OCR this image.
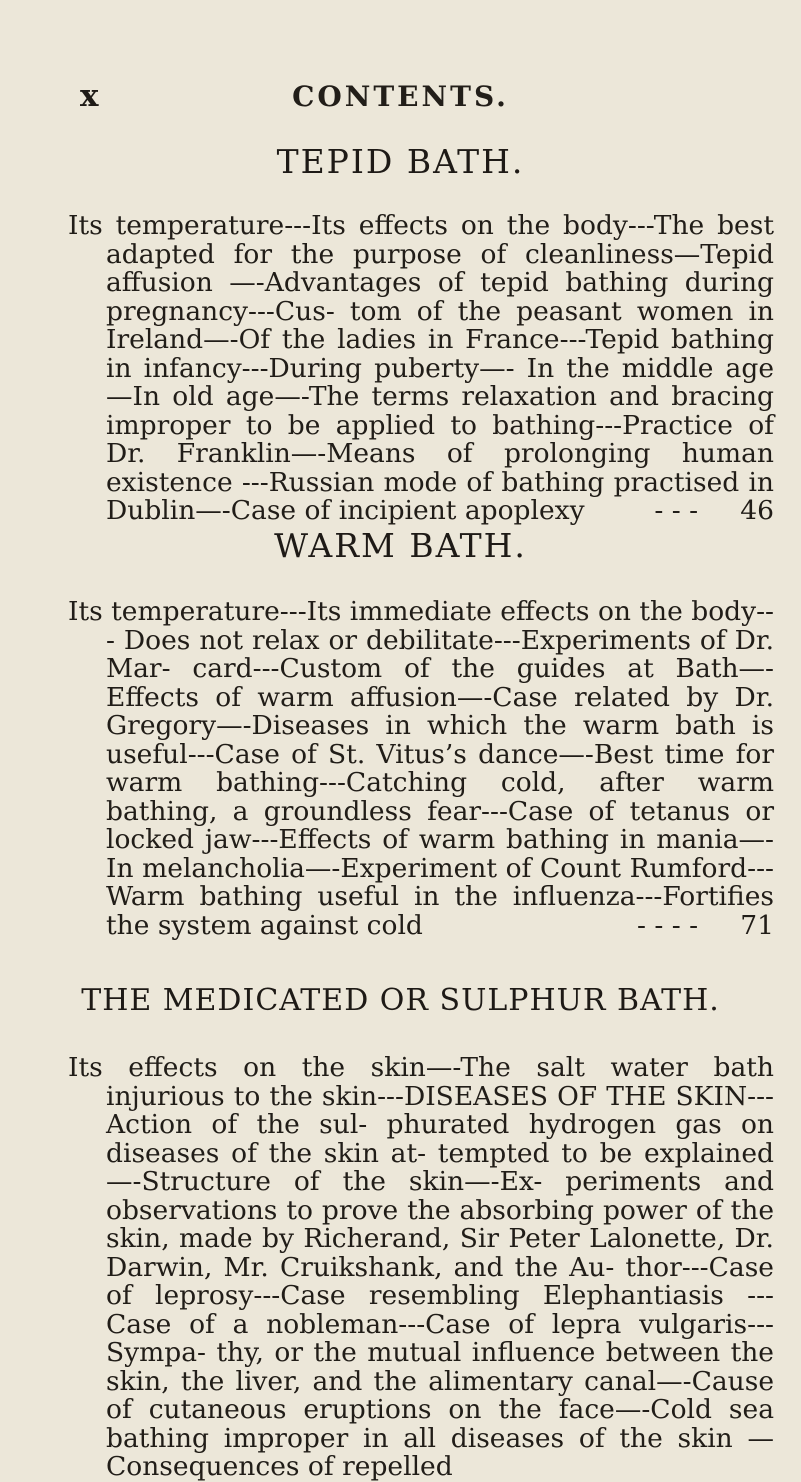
x	CONTENTS.
TEPID BATH.
Its temperature---Its effects on the body---The best adapted for the purpose of cleanliness—Tepid affusion —-Advantages of tepid bathing during pregnancy---Cus- tom of the peasant women in Ireland—-Of the ladies in France---Tepid bathing in infancy---During puberty—- In the middle age—In old age—-The terms relaxation and bracing improper to be applied to bathing---Practice of Dr. Franklin—-Means of prolonging human existence ---Russian mode of bathing practised in Dublin—-Case of incipient apoplexy	- - - 46
WARM BATH.
Its temperature---Its immediate effects on the body--- Does not relax or debilitate---Experiments of Dr. Mar- card---Custom of the guides at Bath—-Effects of warm affusion—-Case related by Dr. Gregory—-Diseases in which the warm bath is useful---Case of St. Vitus’s dance—-Best time for warm bathing---Catching cold, after warm bathing, a groundless fear---Case of tetanus or locked jaw---Effects of warm bathing in mania—-In melancholia—-Experiment of Count Rumford---Warm bathing useful in the influenza---Fortifies the system against cold	- - - - 71
THE MEDICATED OR SULPHUR BATH.
Its effects on the skin—-The salt water bath injurious to the skin---DISEASES OF THE SKIN---Action of the sul- phurated hydrogen gas on diseases of the skin at- tempted to be explained—-Structure of the skin—-Ex- periments and observations to prove the absorbing power of the skin, made by Richerand, Sir Peter Lalonette, Dr. Darwin, Mr. Cruikshank, and the Au- thor---Case of leprosy---Case resembling Elephantiasis ---Case of a nobleman---Case of lepra vulgaris---Sympa- thy, or the mutual influence between the skin, the liver, and the alimentary canal—-Cause of cutaneous eruptions on the face—-Cold sea bathing improper in all diseases of the skin — Consequences of repelled
